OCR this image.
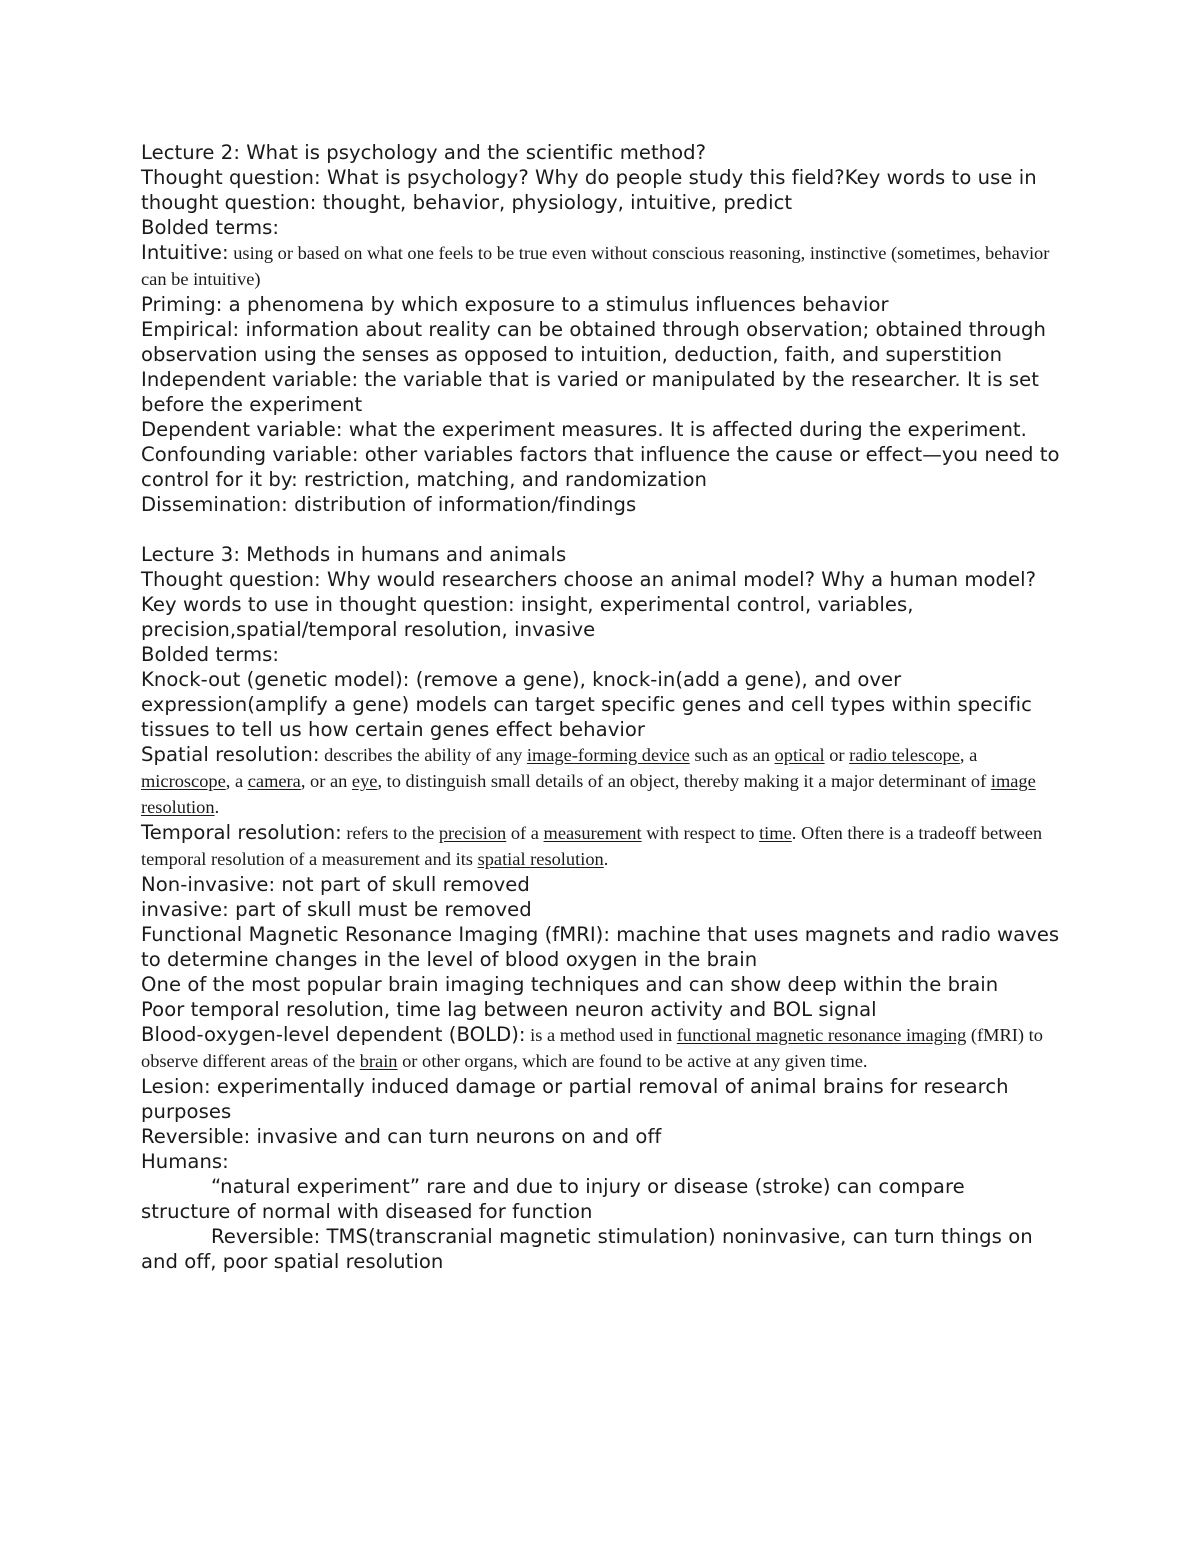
Lecture 2: What is psychology and the scientific method?

Thought question: What is psychology? Why do people study this field?Key words to use in thought question: thought, behavior, physiology, intuitive, predict

Bolded terms:

Intuitive: using or based on what one feels to be true even without conscious reasoning, instinctive (sometimes, behavior can be intuitive)

Priming: a phenomena by which exposure to a stimulus influences behavior

Empirical: information about reality can be obtained through observation; obtained through observation using the senses as opposed to intuition, deduction, faith, and superstition

Independent variable: the variable that is varied or manipulated by the researcher. It is set before the experiment

Dependent variable: what the experiment measures. It is affected during the experiment.

Confounding variable: other variables factors that influence the cause or effect—you need to control for it by: restriction, matching, and randomization

Dissemination: distribution of information/findings

Lecture 3: Methods in humans and animals

Thought question: Why would researchers choose an animal model? Why a human model?Key words to use in thought question: insight, experimental control, variables, precision,spatial/temporal resolution, invasive

Bolded terms:

Knock-out (genetic model): (remove a gene), knock-in(add a gene), and over expression(amplify a gene) models can target specific genes and cell types within specific tissues to tell us how certain genes effect behavior

Spatial resolution: describes the ability of any image-forming device such as an optical or radio telescope, a microscope, a camera, or an eye, to distinguish small details of an object, thereby making it a major determinant of image resolution.

Temporal resolution: refers to the precision of a measurement with respect to time. Often there is a tradeoff between temporal resolution of a measurement and its spatial resolution.

Non-invasive: not part of skull removed

invasive: part of skull must be removed

Functional Magnetic Resonance Imaging (fMRI): machine that uses magnets and radio waves to determine changes in the level of blood oxygen in the brain

One of the most popular brain imaging techniques and can show deep within the brain

Poor temporal resolution, time lag between neuron activity and BOL signal

Blood-oxygen-level dependent (BOLD): is a method used in functional magnetic resonance imaging (fMRI) to observe different areas of the brain or other organs, which are found to be active at any given time.

Lesion: experimentally induced damage or partial removal of animal brains for research purposes

Reversible: invasive and can turn neurons on and off

Humans:

“natural experiment” rare and due to injury or disease (stroke) can compare structure of normal with diseased for function

Reversible: TMS(transcranial magnetic stimulation) noninvasive, can turn things on and off, poor spatial resolution
